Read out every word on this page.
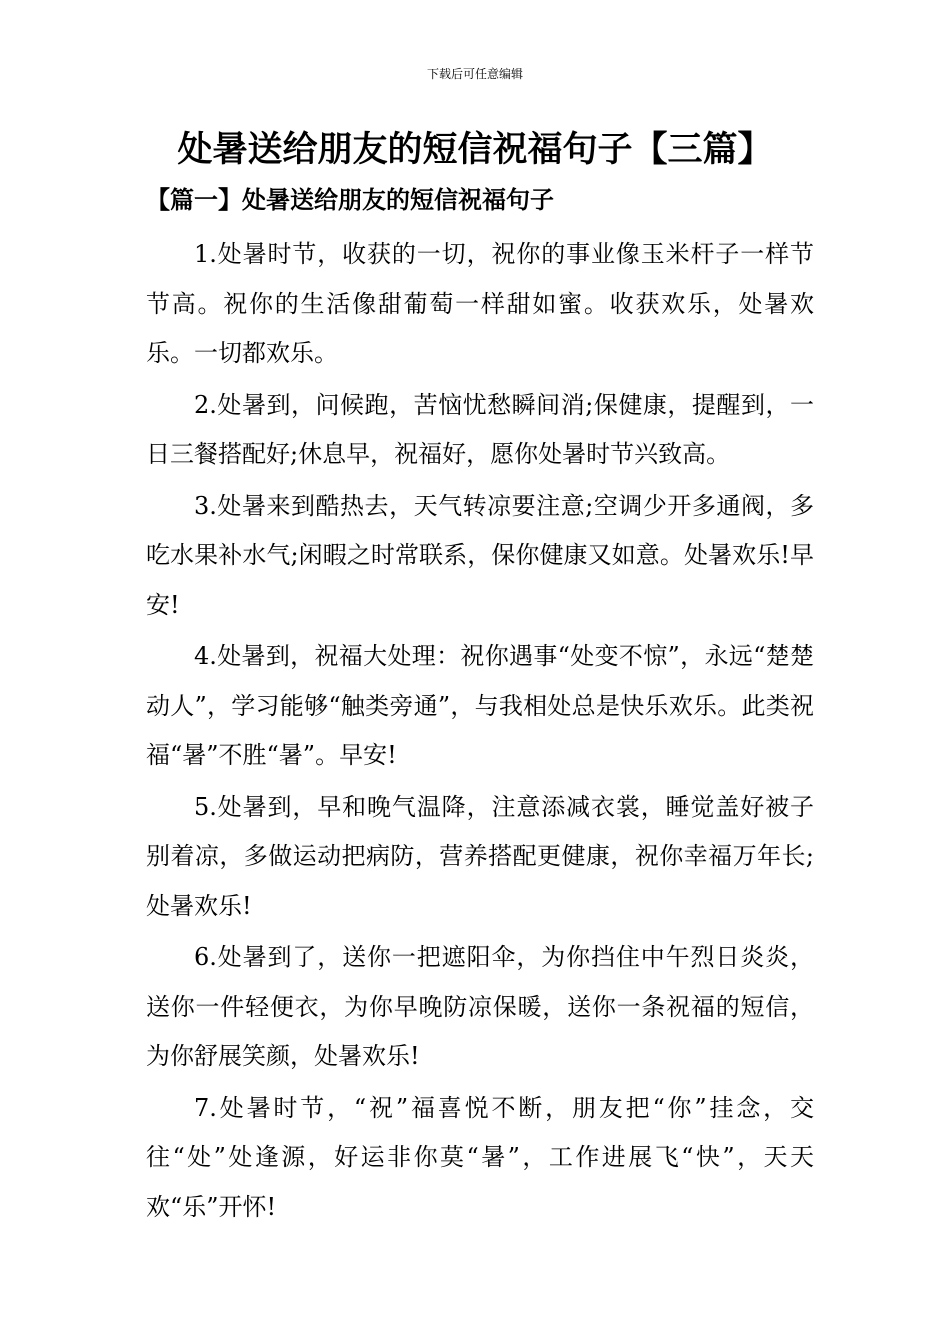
下载后可任意编辑
处暑送给朋友的短信祝福句子【三篇】
【篇一】处暑送给朋友的短信祝福句子

1.处暑时节，收获的一切，祝你的事业像玉米杆子一样节节高。祝你的生活像甜葡萄一样甜如蜜。收获欢乐，处暑欢乐。一切都欢乐。

2.处暑到，问候跑，苦恼忧愁瞬间消;保健康，提醒到，一日三餐搭配好;休息早，祝福好，愿你处暑时节兴致高。

3.处暑来到酷热去，天气转凉要注意;空调少开多通阀，多吃水果补水气;闲暇之时常联系，保你健康又如意。处暑欢乐!早安!

4.处暑到，祝福大处理：祝你遇事“处变不惊”，永远“楚楚动人”，学习能够“触类旁通”，与我相处总是快乐欢乐。此类祝福“暑”不胜“暑”。早安!

5.处暑到，早和晚气温降，注意添减衣裳，睡觉盖好被子别着凉，多做运动把病防，营养搭配更健康，祝你幸福万年长;处暑欢乐!

6.处暑到了，送你一把遮阳伞，为你挡住中午烈日炎炎，送你一件轻便衣，为你早晚防凉保暖，送你一条祝福的短信，为你舒展笑颜，处暑欢乐!

7.处暑时节，“祝”福喜悦不断，朋友把“你”挂念，交往“处”处逢源，好运非你莫“暑”，工作进展飞“快”，天天欢“乐”开怀!
